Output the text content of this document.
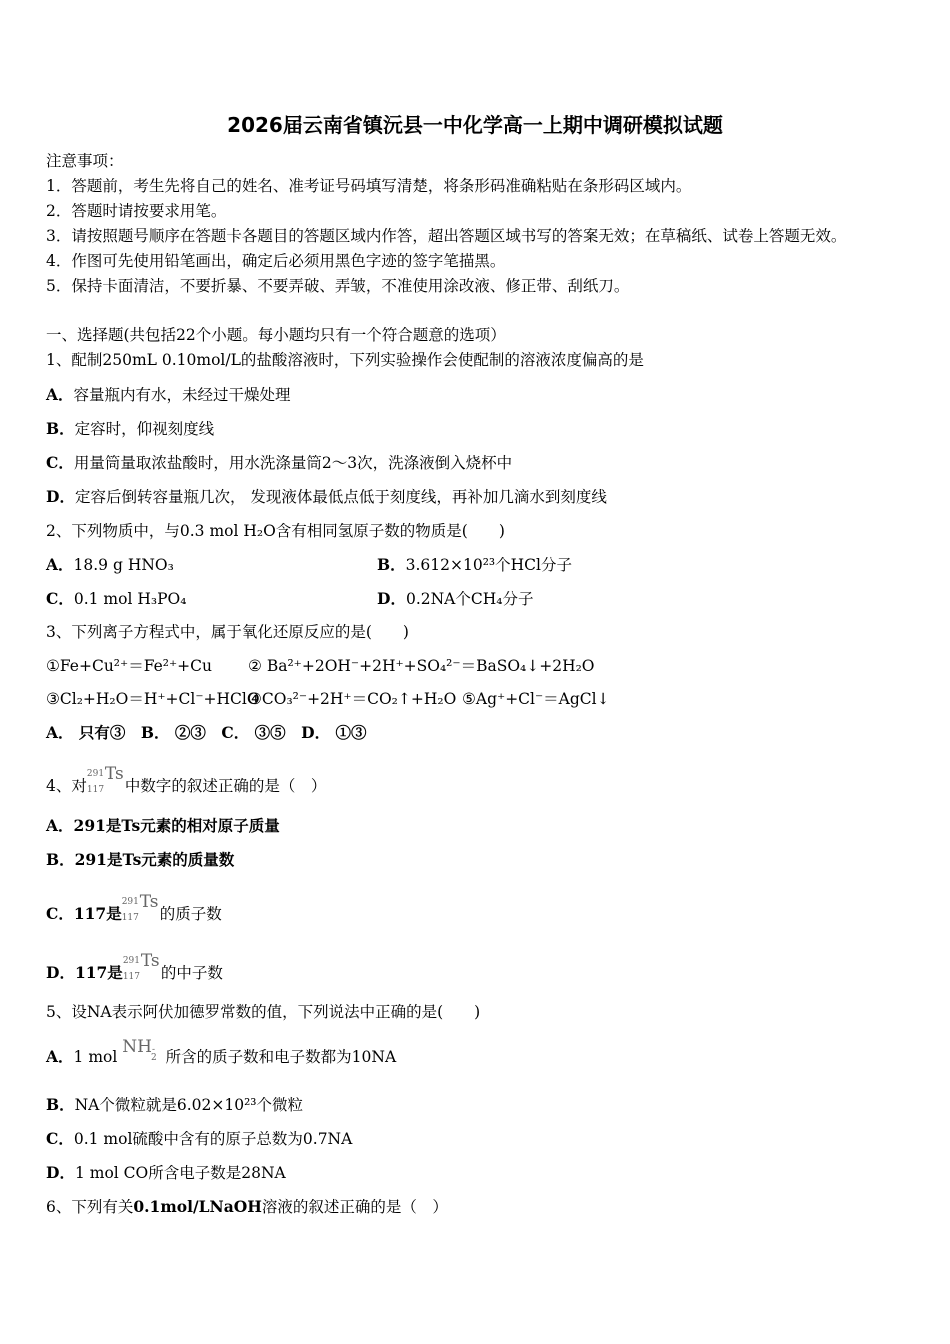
2026届云南省镇沅县一中化学高一上期中调研模拟试题
注意事项：
1．答题前，考生先将自己的姓名、准考证号码填写清楚，将条形码准确粘贴在条形码区域内。
2．答题时请按要求用笔。
3．请按照题号顺序在答题卡各题目的答题区域内作答，超出答题区域书写的答案无效；在草稿纸、试卷上答题无效。
4．作图可先使用铅笔画出，确定后必须用黑色字迹的签字笔描黑。
5．保持卡面清洁，不要折暴、不要弄破、弄皱，不准使用涂改液、修正带、刮纸刀。
一、选择题(共包括22个小题。每小题均只有一个符合题意的选项）
1、配制250mL 0.10mol/L的盐酸溶液时，下列实验操作会使配制的溶液浓度偏高的是
A．容量瓶内有水，未经过干燥处理
B．定容时，仰视刻度线
C．用量筒量取浓盐酸时，用水洗涤量筒2～3次，洗涤液倒入烧杯中
D．定容后倒转容量瓶几次， 发现液体最低点低于刻度线，再补加几滴水到刻度线
2、下列物质中，与0.3 mol H₂O含有相同氢原子数的物质是(　　)
A．18.9 g HNO₃	B．3.612×10²³个HCl分子
C．0.1 mol H₃PO₄	D．0.2NA个CH₄分子
3、下列离子方程式中，属于氧化还原反应的是(　　)
①Fe+Cu²⁺＝Fe²⁺+Cu ② Ba²⁺+2OH⁻+2H⁺+SO₄²⁻＝BaSO₄↓+2H₂O
③Cl₂+H₂O＝H⁺+Cl⁻+HClO
④CO₃²⁻+2H⁺＝CO₂↑+H₂O ⑤Ag⁺+Cl⁻＝AgCl↓
A． 只有③　B． ②③　C． ③⑤　D． ①③
4、对
291
117
Ts
中数字的叙述正确的是（　）
A．291是Ts元素的相对原子质量
B．291是Ts元素的质量数
C．117是
291
117
Ts
的质子数
D．117是
291
117
Ts
的中子数
5、设NA表示阿伏加德罗常数的值，下列说法中正确的是(　　)
A．1 mol $NH-_2$ 所含的质子数和电子数都为10NA
B．NA个微粒就是6.02×10²³个微粒
C．0.1 mol硫酸中含有的原子总数为0.7NA
D．1 mol CO所含电子数是28NA
6、下列有关0.1mol/LNaOH溶液的叙述正确的是（　）
